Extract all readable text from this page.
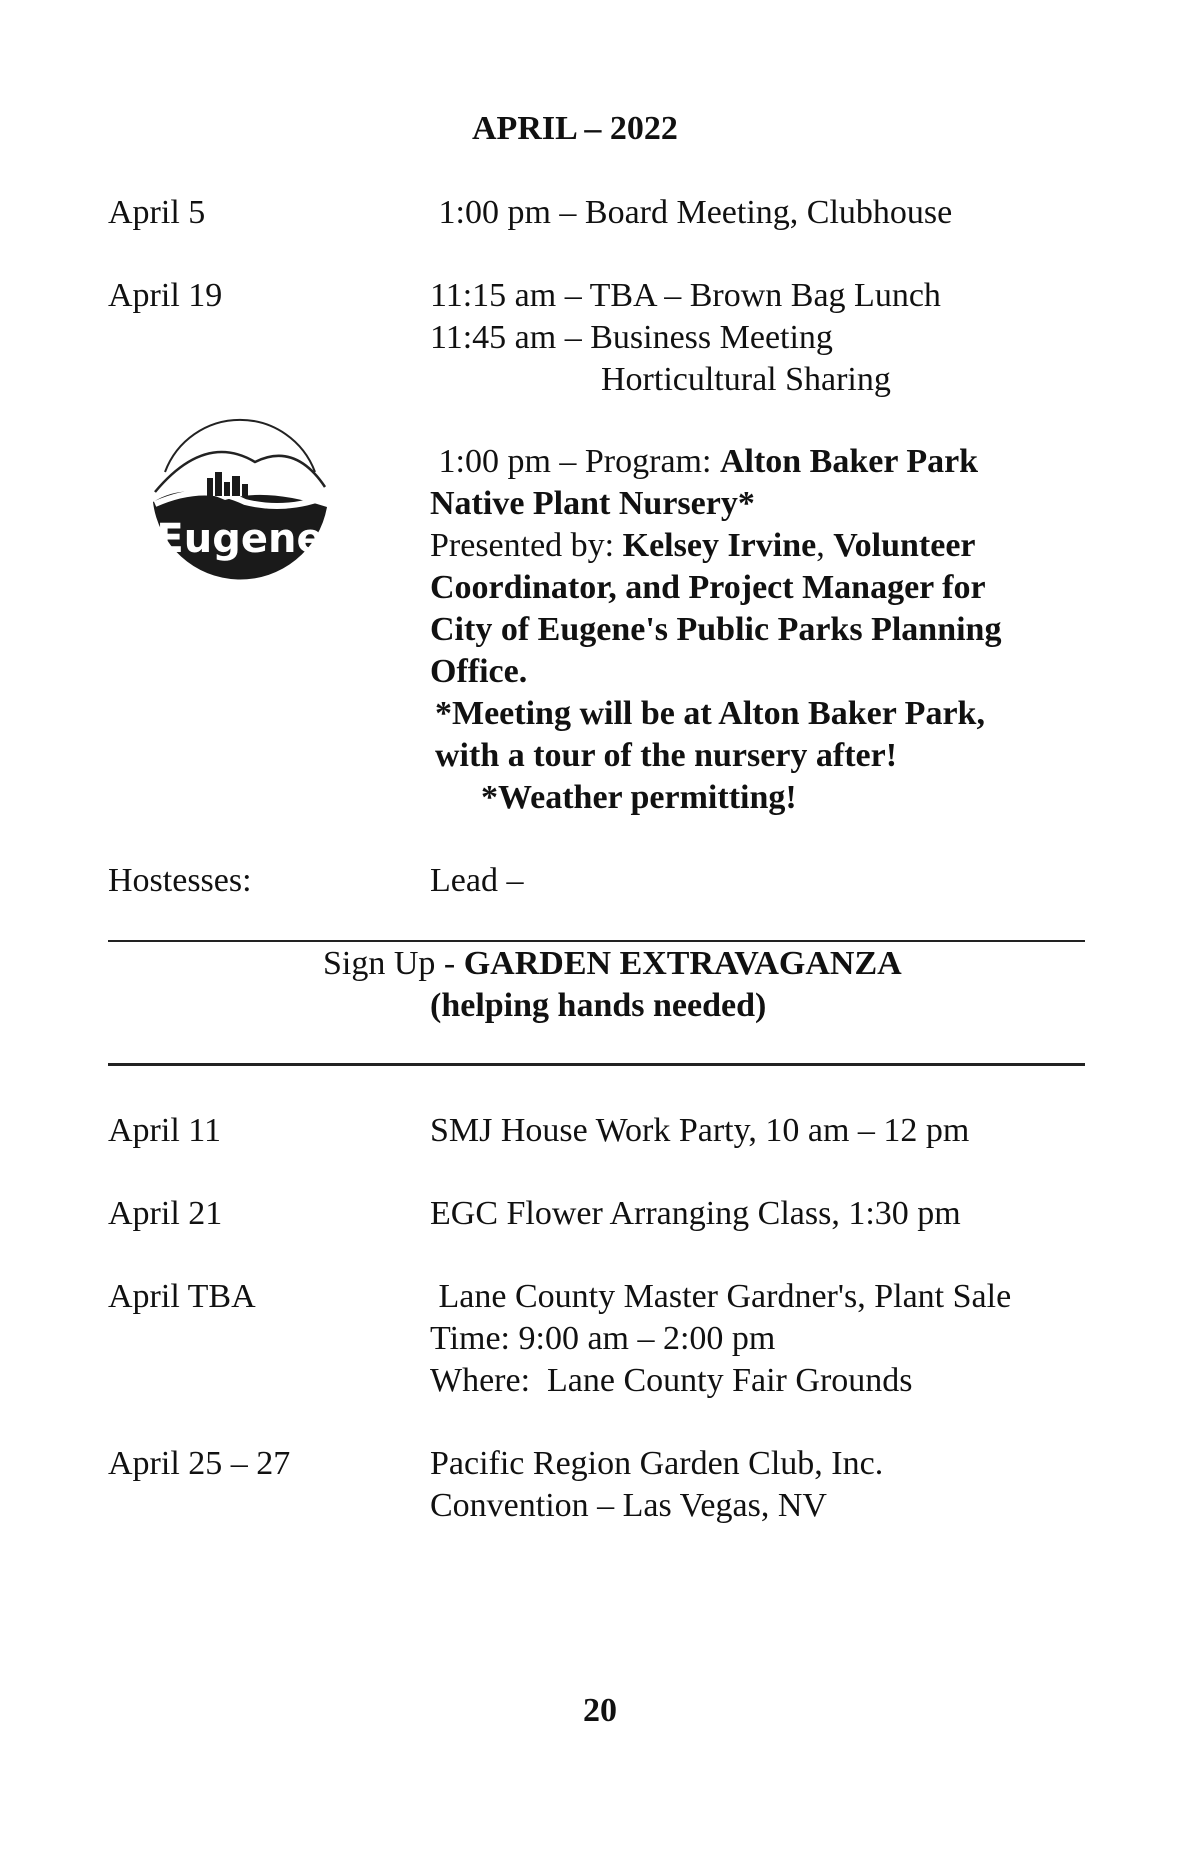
APRIL – 2022
April 5	1:00 pm – Board Meeting, Clubhouse
April 19	11:15 am – TBA – Brown Bag Lunch
11:45 am – Business Meeting
Horticultural Sharing
Eugene
1:00 pm – Program: Alton Baker Park
Native Plant Nursery*
Presented by: Kelsey Irvine, Volunteer
Coordinator, and Project Manager for
City of Eugene's Public Parks Planning
Office.
*Meeting will be at Alton Baker Park,
with a tour of the nursery after!
*Weather permitting!
Hostesses:	Lead –
Sign Up - GARDEN EXTRAVAGANZA
(helping hands needed)
April 11	SMJ House Work Party, 10 am – 12 pm
April 21	EGC Flower Arranging Class, 1:30 pm
April TBA	Lane County Master Gardner's, Plant Sale
Time: 9:00 am – 2:00 pm
Where:  Lane County Fair Grounds
April 25 – 27	Pacific Region Garden Club, Inc.
Convention – Las Vegas, NV
20
